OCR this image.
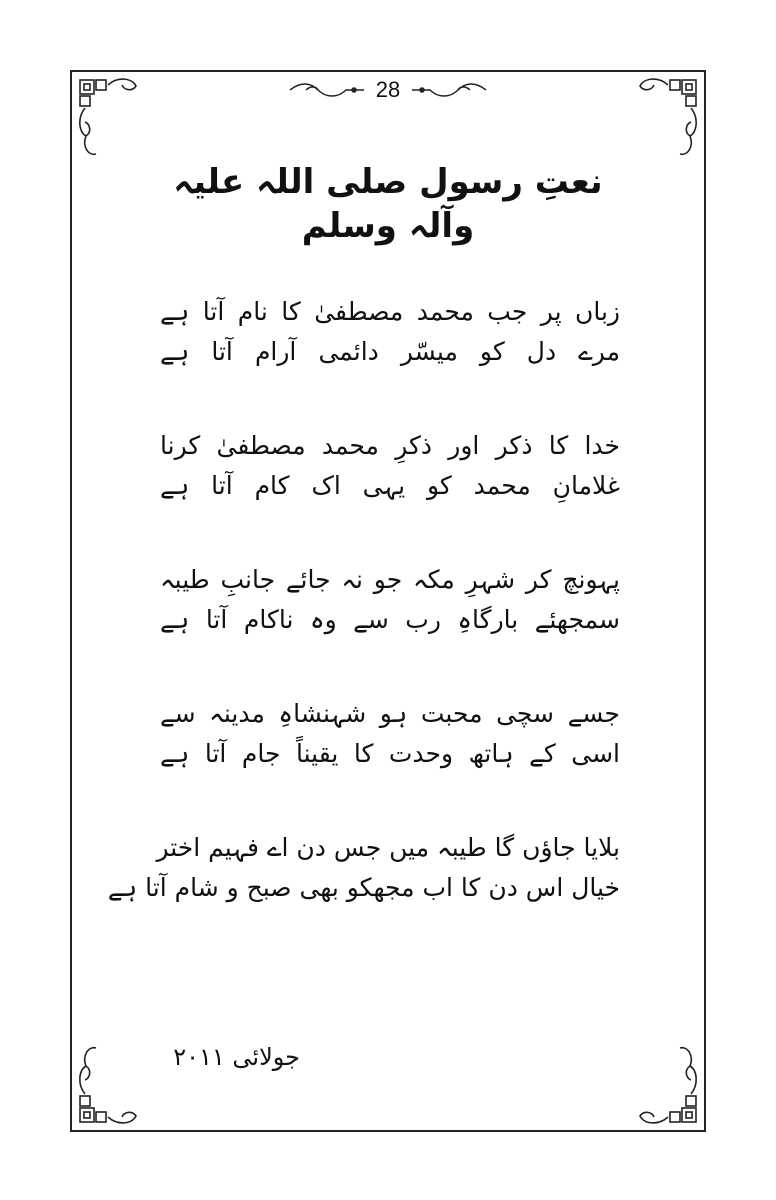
28
نعتِ رسول صلی اللہ علیہ وآلہ وسلم
زباں پر جب محمد مصطفیٰ کا نام آتا ہے
مرے دل کو میسّر دائمی آرام آتا ہے
خدا کا ذکر اور ذکرِ محمد مصطفیٰ کرنا
غلامانِ محمد کو یہی اک کام آتا ہے
پہونچ کر شہرِ مکہ جو نہ جائے جانبِ طیبہ
سمجھئے بارگاہِ رب سے وہ ناکام آتا ہے
جسے سچی محبت ہو شہنشاہِ مدینہ سے
اسی کے ہاتھ وحدت کا یقیناً جام آتا ہے
بلایا جاؤں گا طیبہ میں جس دن اے فہیم اختر
خیال اس دن کا اب مجھکو بھی صبح و شام آتا ہے
جولائی ۲۰۱۱
